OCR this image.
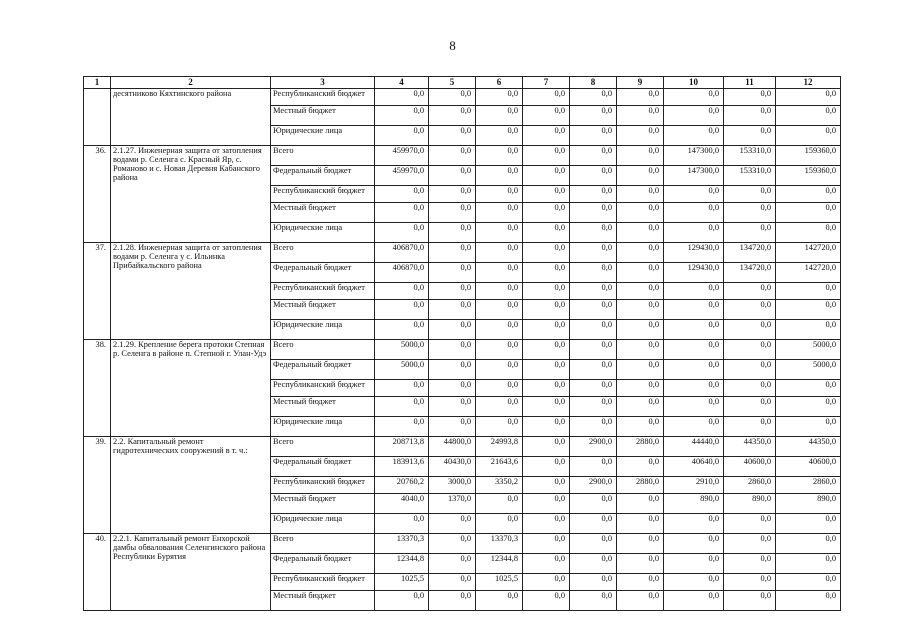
8
1	2	3	4	5	6	7	8	9	10	11	12
	десятниково Кяхтинского района	Республиканский бюджет	0,0	0,0	0,0	0,0	0,0	0,0	0,0	0,0	0,0
		Местный бюджет	0,0	0,0	0,0	0,0	0,0	0,0	0,0	0,0	0,0
		Юридические лица	0,0	0,0	0,0	0,0	0,0	0,0	0,0	0,0	0,0
36.	2.1.27. Инженерная защита от затопления водами р. Селенга с. Красный Яр, с. Романово и с. Новая Деревня Кабанского района	Всего	459970,0	0,0	0,0	0,0	0,0	0,0	147300,0	153310,0	159360,0
		Федеральный бюджет	459970,0	0,0	0,0	0,0	0,0	0,0	147300,0	153310,0	159360,0
		Республиканский бюджет	0,0	0,0	0,0	0,0	0,0	0,0	0,0	0,0	0,0
		Местный бюджет	0,0	0,0	0,0	0,0	0,0	0,0	0,0	0,0	0,0
		Юридические лица	0,0	0,0	0,0	0,0	0,0	0,0	0,0	0,0	0,0
37.	2.1.28. Инженерная защита от затопления водами р. Селенга у с. Ильинка Прибайкальского района	Всего	406870,0	0,0	0,0	0,0	0,0	0,0	129430,0	134720,0	142720,0
		Федеральный бюджет	406870,0	0,0	0,0	0,0	0,0	0,0	129430,0	134720,0	142720,0
		Республиканский бюджет	0,0	0,0	0,0	0,0	0,0	0,0	0,0	0,0	0,0
		Местный бюджет	0,0	0,0	0,0	0,0	0,0	0,0	0,0	0,0	0,0
		Юридические лица	0,0	0,0	0,0	0,0	0,0	0,0	0,0	0,0	0,0
38.	2.1.29. Крепление берега протоки Степная р. Селенга в районе п. Степной г. Улан-Удэ	Всего	5000,0	0,0	0,0	0,0	0,0	0,0	0,0	0,0	5000,0
		Федеральный бюджет	5000,0	0,0	0,0	0,0	0,0	0,0	0,0	0,0	5000,0
		Республиканский бюджет	0,0	0,0	0,0	0,0	0,0	0,0	0,0	0,0	0,0
		Местный бюджет	0,0	0,0	0,0	0,0	0,0	0,0	0,0	0,0	0,0
		Юридические лица	0,0	0,0	0,0	0,0	0,0	0,0	0,0	0,0	0,0
39.	2.2. Капитальный ремонт гидротехнических сооружений в т. ч.:	Всего	208713,8	44800,0	24993,8	0,0	2900,0	2880,0	44440,0	44350,0	44350,0
		Федеральный бюджет	183913,6	40430,0	21643,6	0,0	0,0	0,0	40640,0	40600,0	40600,0
		Республиканский бюджет	20760,2	3000,0	3350,2	0,0	2900,0	2880,0	2910,0	2860,0	2860,0
		Местный бюджет	4040,0	1370,0	0,0	0,0	0,0	0,0	890,0	890,0	890,0
		Юридические лица	0,0	0,0	0,0	0,0	0,0	0,0	0,0	0,0	0,0
40.	2.2.1. Капитальный ремонт Енхорской дамбы обвалования Селенгинского района Республики Бурятия	Всего	13370,3	0,0	13370,3	0,0	0,0	0,0	0,0	0,0	0,0
		Федеральный бюджет	12344,8	0,0	12344,8	0,0	0,0	0,0	0,0	0,0	0,0
		Республиканский бюджет	1025,5	0,0	1025,5	0,0	0,0	0,0	0,0	0,0	0,0
		Местный бюджет	0,0	0,0	0,0	0,0	0,0	0,0	0,0	0,0	0,0
